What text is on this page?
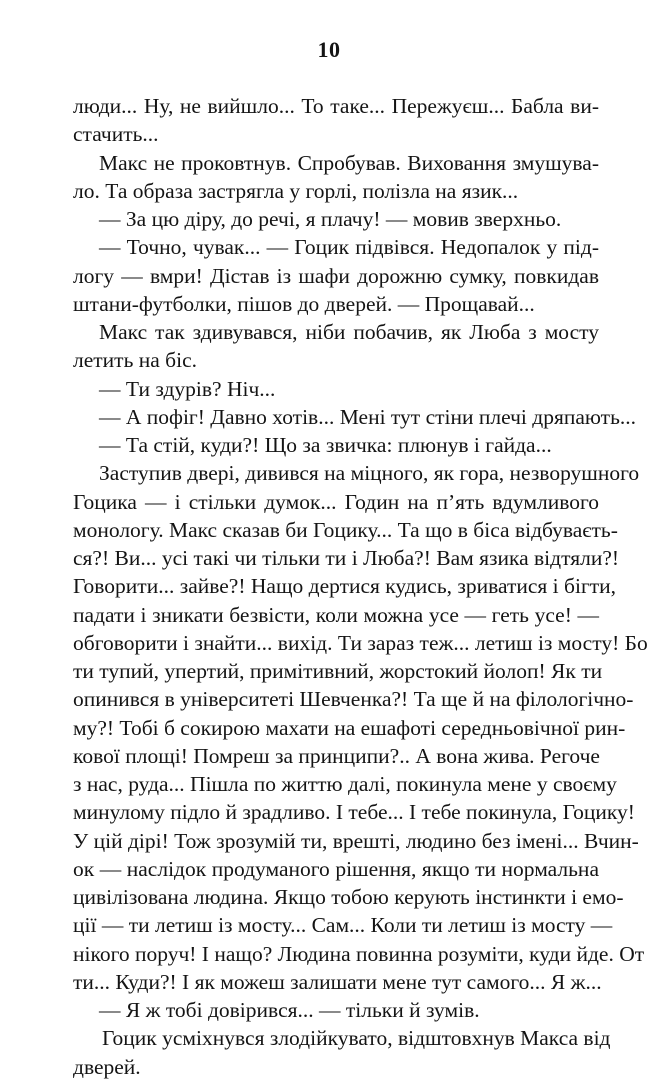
10
люди... Ну, не вийшло... То таке... Пережуєш... Бабла ви-
стачить...
Макс не проковтнув. Спробував. Виховання змушува-
ло. Та образа застрягла у горлі, полізла на язик...
— За цю діру, до речі, я плачу! — мовив зверхньо.
— Точно, чувак... — Гоцик підвівся. Недопалок у під-
логу — вмри! Дістав із шафи дорожню сумку, повкидав
штани-футболки, пішов до дверей. — Прощавай...
Макс так здивувався, ніби побачив, як Люба з мосту
летить на біс.
— Ти здурів? Ніч...
— А пофіг! Давно хотів... Мені тут стіни плечі дряпають...
— Та стій, куди?! Що за звичка: плюнув і гайда...
Заступив двері, дивився на міцного, як гора, незворушного
Гоцика — і стільки думок... Годин на п’ять вдумливого
монологу. Макс сказав би Гоцику... Та що в біса відбуваєть-
ся?! Ви... усі такі чи тільки ти і Люба?! Вам язика відтяли?!
Говорити... зайве?! Нащо дертися кудись, зриватися і бігти,
падати і зникати безвісти, коли можна усе — геть усе! —
обговорити і знайти... вихід. Ти зараз теж... летиш із мосту! Бо
ти тупий, упертий, примітивний, жорстокий йолоп! Як ти
опинився в університеті Шевченка?! Та ще й на філологічно-
му?! Тобі б сокирою махати на ешафоті середньовічної рин-
кової площі! Помреш за принципи?.. А вона жива. Регоче
з нас, руда... Пішла по життю далі, покинула мене у своєму
минулому підло й зрадливо. І тебе... І тебе покинула, Гоцику!
У цій дірі! Тож зрозумій ти, врешті, людино без імені... Вчин-
ок — наслідок продуманого рішення, якщо ти нормальна
цивілізована людина. Якщо тобою керують інстинкти і емо-
ції — ти летиш із мосту... Сам... Коли ти летиш із мосту —
нікого поруч! І нащо? Людина повинна розуміти, куди йде. От
ти... Куди?! І як можеш залишати мене тут самого... Я ж...
— Я ж тобі довірився... — тільки й зумів.
Гоцик усміхнувся злодійкувато, відштовхнув Макса від
дверей.
